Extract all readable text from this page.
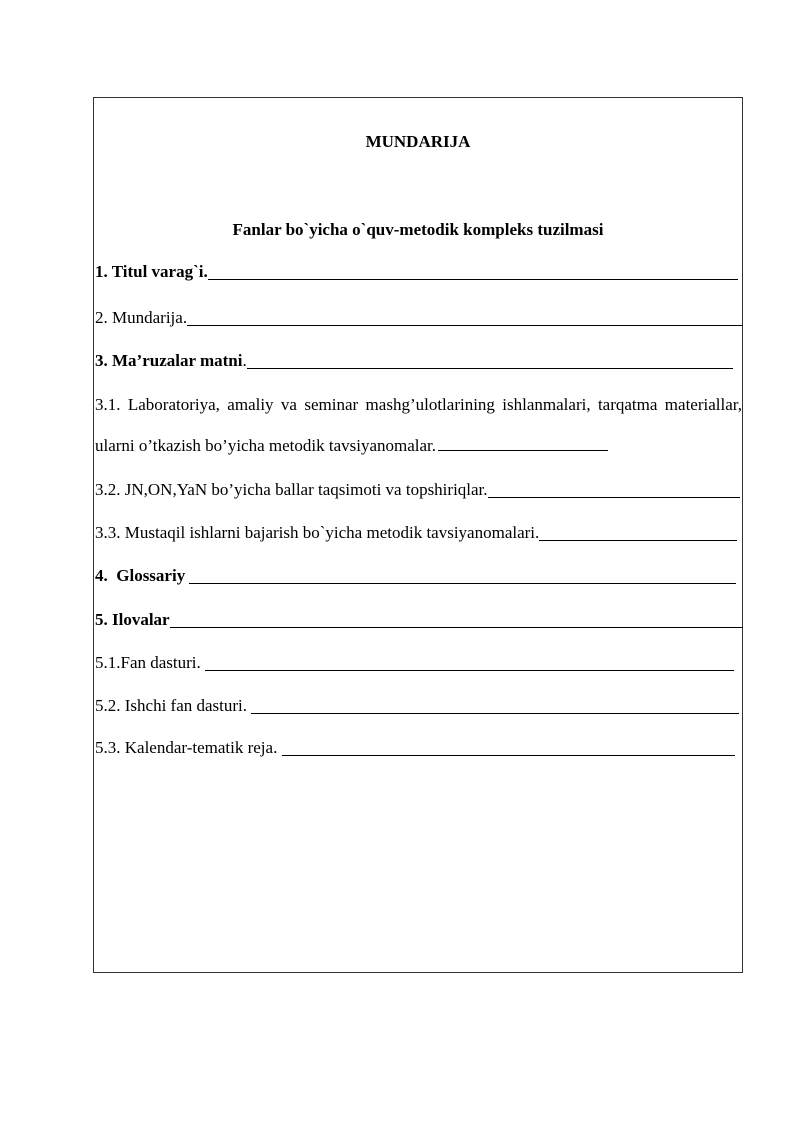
MUNDARIJA
Fanlar bo`yicha o`quv-metodik kompleks tuzilmasi
1. Titul varag`i.
2. Mundarija.
3. Ma’ruzalar matni .
3.1. Laboratoriya, amaliy va seminar mashg’ulotlarining ishlanmalari, tarqatma materiallar, ularni o’tkazish bo’yicha metodik tavsiyanomalar.
3.2. JN,ON,YaN bo’yicha ballar taqsimoti va topshiriqlar.
3.3. Mustaqil ishlarni bajarish bo`yicha metodik tavsiyanomalari.
4.  Glossariy
5. Ilovalar
5.1.Fan dasturi.
5.2. Ishchi fan dasturi.
5.3. Kalendar-tematik reja.
